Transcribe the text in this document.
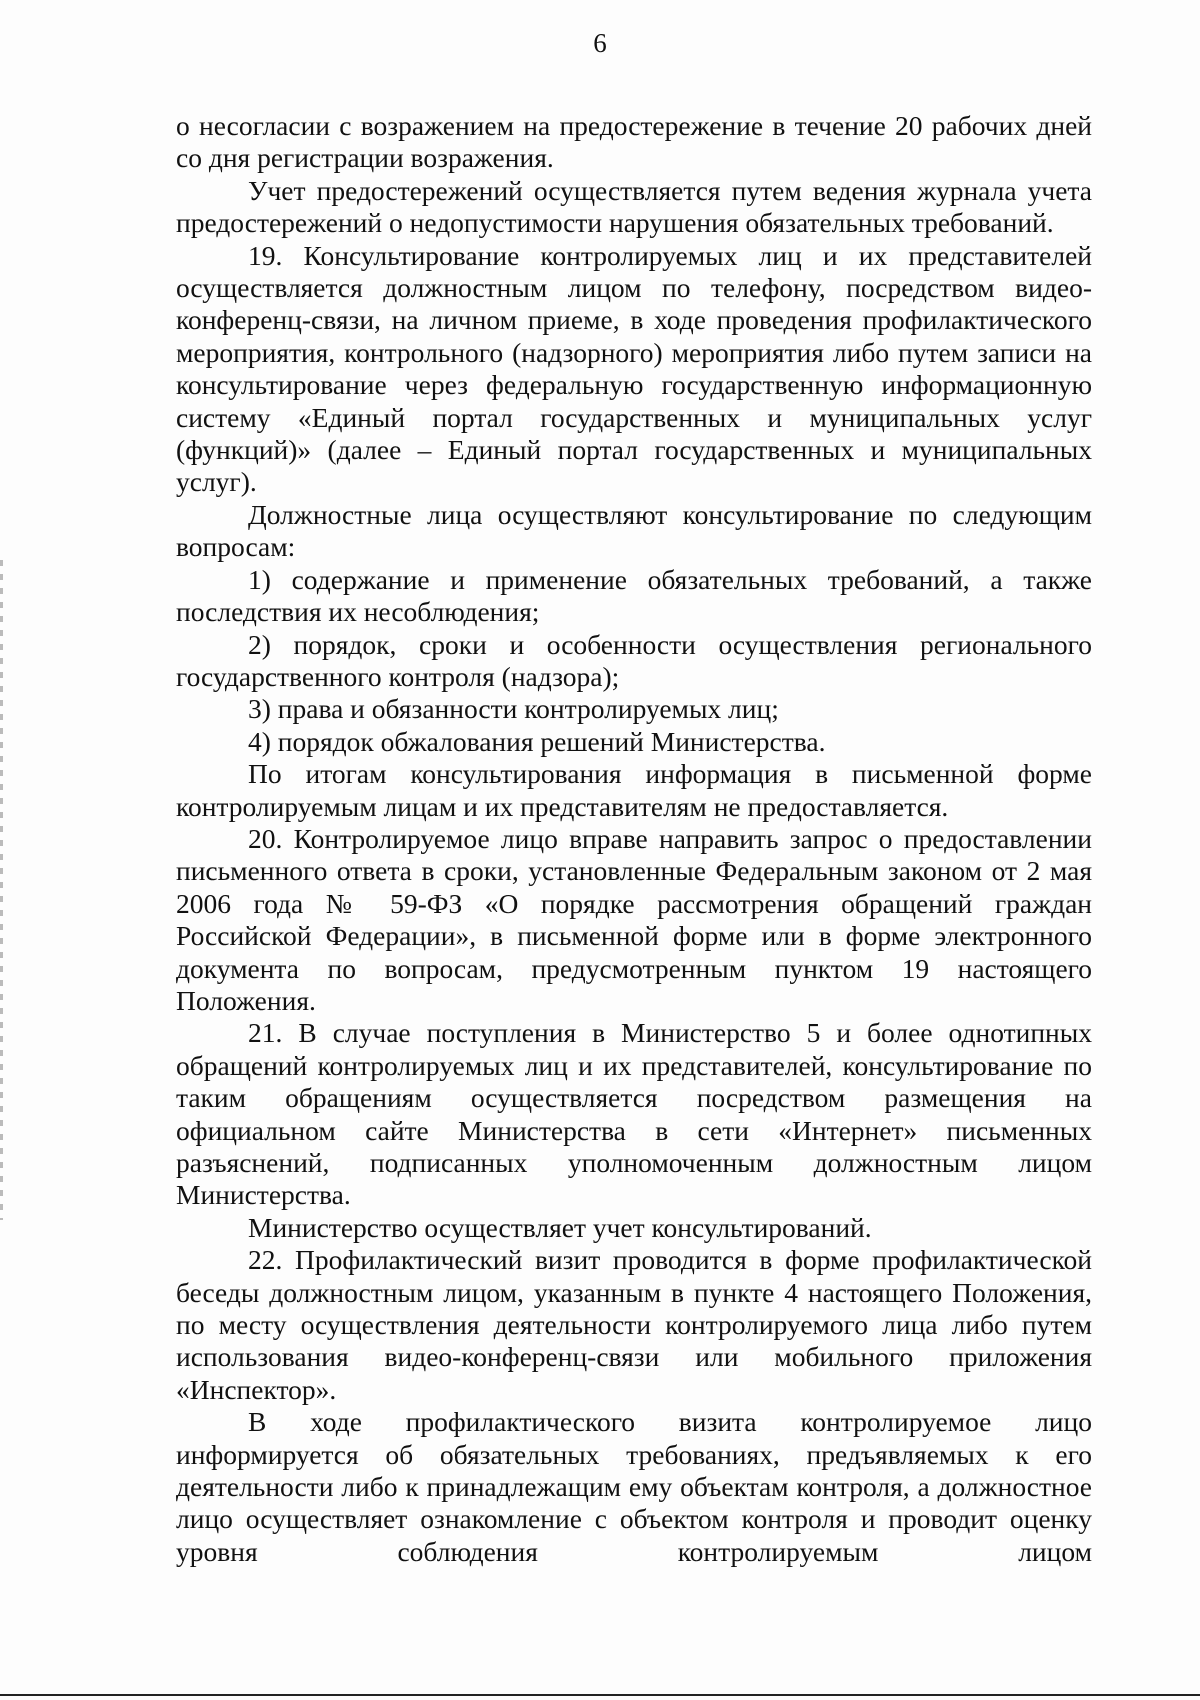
6

о несогласии с возражением на предостережение в течение 20 рабочих дней со дня регистрации возражения.

Учет предостережений осуществляется путем ведения журнала учета предостережений о недопустимости нарушения обязательных требований.

19. Консультирование контролируемых лиц и их представителей осуществляется должностным лицом по телефону, посредством видео-конференц-связи, на личном приеме, в ходе проведения профилактического мероприятия, контрольного (надзорного) мероприятия либо путем записи на консультирование через федеральную государственную информационную систему «Единый портал государственных и муниципальных услуг (функций)» (далее – Единый портал государственных и муниципальных услуг).

Должностные лица осуществляют консультирование по следующим вопросам:

1) содержание и применение обязательных требований, а также последствия их несоблюдения;

2) порядок, сроки и особенности осуществления регионального государственного контроля (надзора);

3) права и обязанности контролируемых лиц;

4) порядок обжалования решений Министерства.

По итогам консультирования информация в письменной форме контролируемым лицам и их представителям не предоставляется.

20. Контролируемое лицо вправе направить запрос о предоставлении письменного ответа в сроки, установленные Федеральным законом от 2 мая 2006 года № 59-ФЗ «О порядке рассмотрения обращений граждан Российской Федерации», в письменной форме или в форме электронного документа по вопросам, предусмотренным пунктом 19 настоящего Положения.

21. В случае поступления в Министерство 5 и более однотипных обращений контролируемых лиц и их представителей, консультирование по таким обращениям осуществляется посредством размещения на официальном сайте Министерства в сети «Интернет» письменных разъяснений, подписанных уполномоченным должностным лицом Министерства.

Министерство осуществляет учет консультирований.

22. Профилактический визит проводится в форме профилактической беседы должностным лицом, указанным в пункте 4 настоящего Положения, по месту осуществления деятельности контролируемого лица либо путем использования видео-конференц-связи или мобильного приложения «Инспектор».

В ходе профилактического визита контролируемое лицо информируется об обязательных требованиях, предъявляемых к его деятельности либо к принадлежащим ему объектам контроля, а должностное лицо осуществляет ознакомление с объектом контроля и проводит оценку уровня соблюдения контролируемым лицом
